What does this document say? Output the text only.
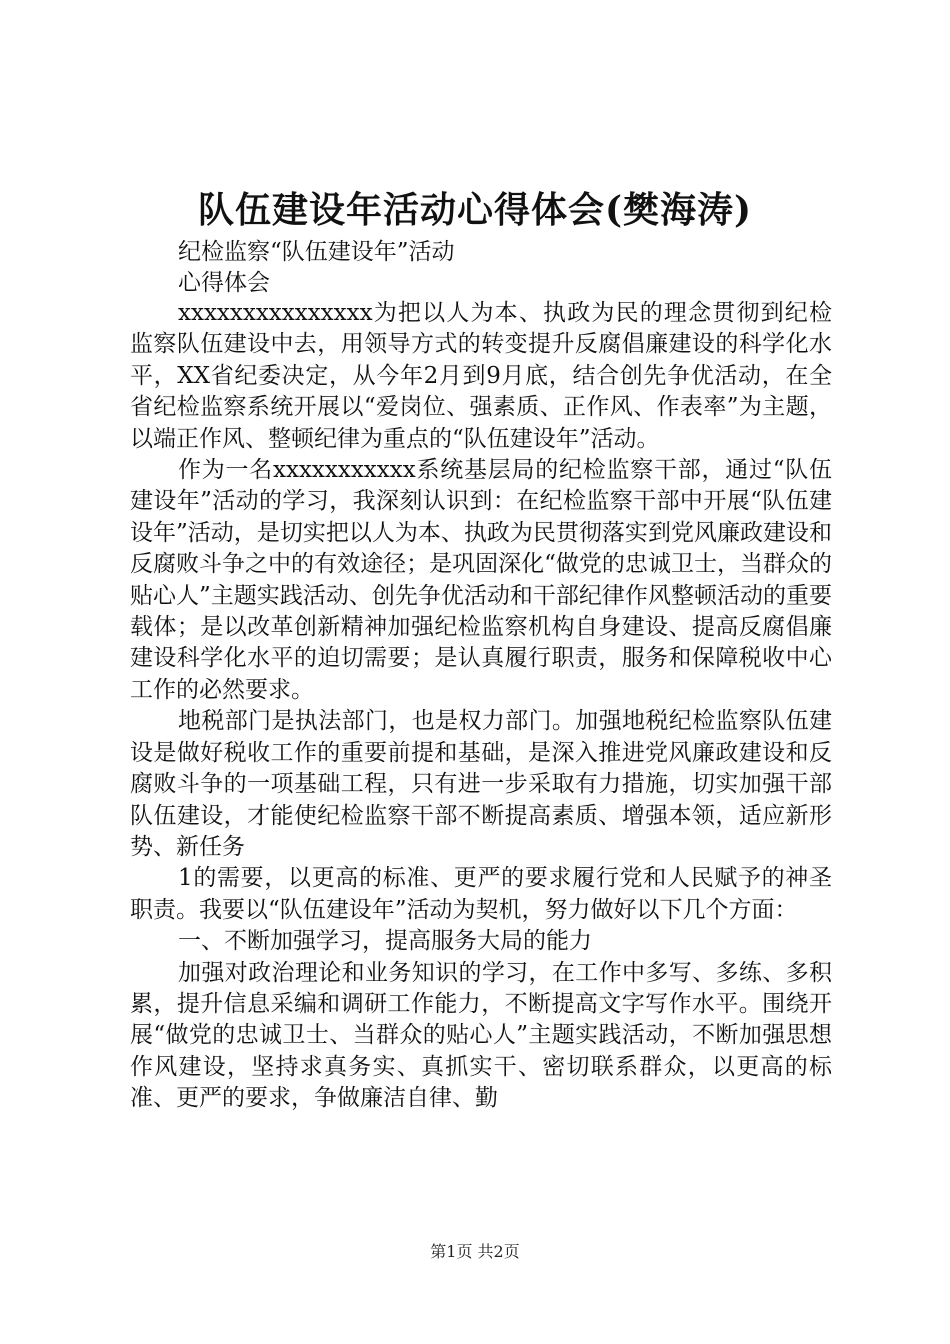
队伍建设年活动心得体会(樊海涛)
纪检监察“队伍建设年”活动
心得体会

xxxxxxxxxxxxxxx为把以人为本、执政为民的理念贯彻到纪检监察队伍建设中去，用领导方式的转变提升反腐倡廉建设的科学化水平，XX省纪委决定，从今年2月到9月底，结合创先争优活动，在全省纪检监察系统开展以“爱岗位、强素质、正作风、作表率”为主题，以端正作风、整顿纪律为重点的“队伍建设年”活动。

作为一名xxxxxxxxxxx系统基层局的纪检监察干部，通过“队伍建设年”活动的学习，我深刻认识到：在纪检监察干部中开展“队伍建设年”活动，是切实把以人为本、执政为民贯彻落实到党风廉政建设和反腐败斗争之中的有效途径；是巩固深化“做党的忠诚卫士，当群众的贴心人”主题实践活动、创先争优活动和干部纪律作风整顿活动的重要载体；是以改革创新精神加强纪检监察机构自身建设、提高反腐倡廉建设科学化水平的迫切需要；是认真履行职责，服务和保障税收中心工作的必然要求。

地税部门是执法部门，也是权力部门。加强地税纪检监察队伍建设是做好税收工作的重要前提和基础，是深入推进党风廉政建设和反腐败斗争的一项基础工程，只有进一步采取有力措施，切实加强干部队伍建设，才能使纪检监察干部不断提高素质、增强本领，适应新形势、新任务

1的需要，以更高的标准、更严的要求履行党和人民赋予的神圣职责。我要以“队伍建设年”活动为契机，努力做好以下几个方面：

一、不断加强学习，提高服务大局的能力

加强对政治理论和业务知识的学习，在工作中多写、多练、多积累，提升信息采编和调研工作能力，不断提高文字写作水平。围绕开展“做党的忠诚卫士、当群众的贴心人”主题实践活动，不断加强思想作风建设，坚持求真务实、真抓实干、密切联系群众，以更高的标准、更严的要求，争做廉洁自律、勤

第1页 共2页
